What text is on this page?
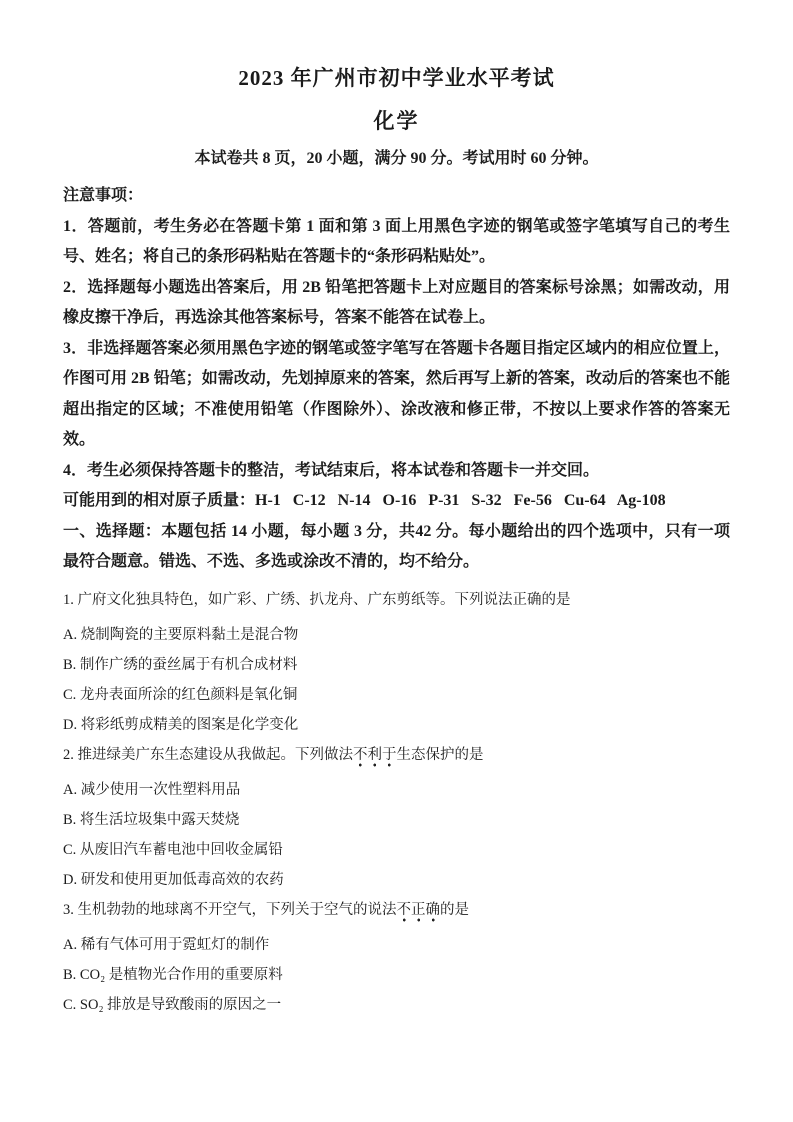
2023 年广州市初中学业水平考试
化学

本试卷共 8 页，20 小题，满分 90 分。考试用时 60 分钟。

注意事项：

1．答题前，考生务必在答题卡第 1 面和第 3 面上用黑色字迹的钢笔或签字笔填写自己的考生号、姓名；将自己的条形码粘贴在答题卡的“条形码粘贴处”。

2．选择题每小题选出答案后，用 2B 铅笔把答题卡上对应题目的答案标号涂黑；如需改动，用橡皮擦干净后，再选涂其他答案标号，答案不能答在试卷上。

3．非选择题答案必须用黑色字迹的钢笔或签字笔写在答题卡各题目指定区域内的相应位置上，作图可用 2B 铅笔；如需改动，先划掉原来的答案，然后再写上新的答案，改动后的答案也不能超出指定的区域；不准使用铅笔（作图除外）、涂改液和修正带，不按以上要求作答的答案无效。

4．考生必须保持答题卡的整洁，考试结束后，将本试卷和答题卡一并交回。

可能用到的相对原子质量：H-1   C-12   N-14   O-16   P-31   S-32   Fe-56   Cu-64   Ag-108

一、选择题：本题包括 14 小题，每小题 3 分，共42 分。每小题给出的四个选项中，只有一项最符合题意。错选、不选、多选或涂改不清的，均不给分。

1. 广府文化独具特色，如广彩、广绣、扒龙舟、广东剪纸等。下列说法正确的是

A. 烧制陶瓷的主要原料黏土是混合物

B. 制作广绣的蚕丝属于有机合成材料

C. 龙舟表面所涂的红色颜料是氧化铜

D. 将彩纸剪成精美的图案是化学变化

2. 推进绿美广东生态建设从我做起。下列做法不利于生态保护的是

A. 减少使用一次性塑料用品

B. 将生活垃圾集中露天焚烧

C. 从废旧汽车蓄电池中回收金属铅

D. 研发和使用更加低毒高效的农药

3. 生机勃勃的地球离不开空气，下列关于空气的说法不正确的是

A. 稀有气体可用于霓虹灯的制作

B. CO₂ 是植物光合作用的重要原料

C. SO₂ 排放是导致酸雨的原因之一
